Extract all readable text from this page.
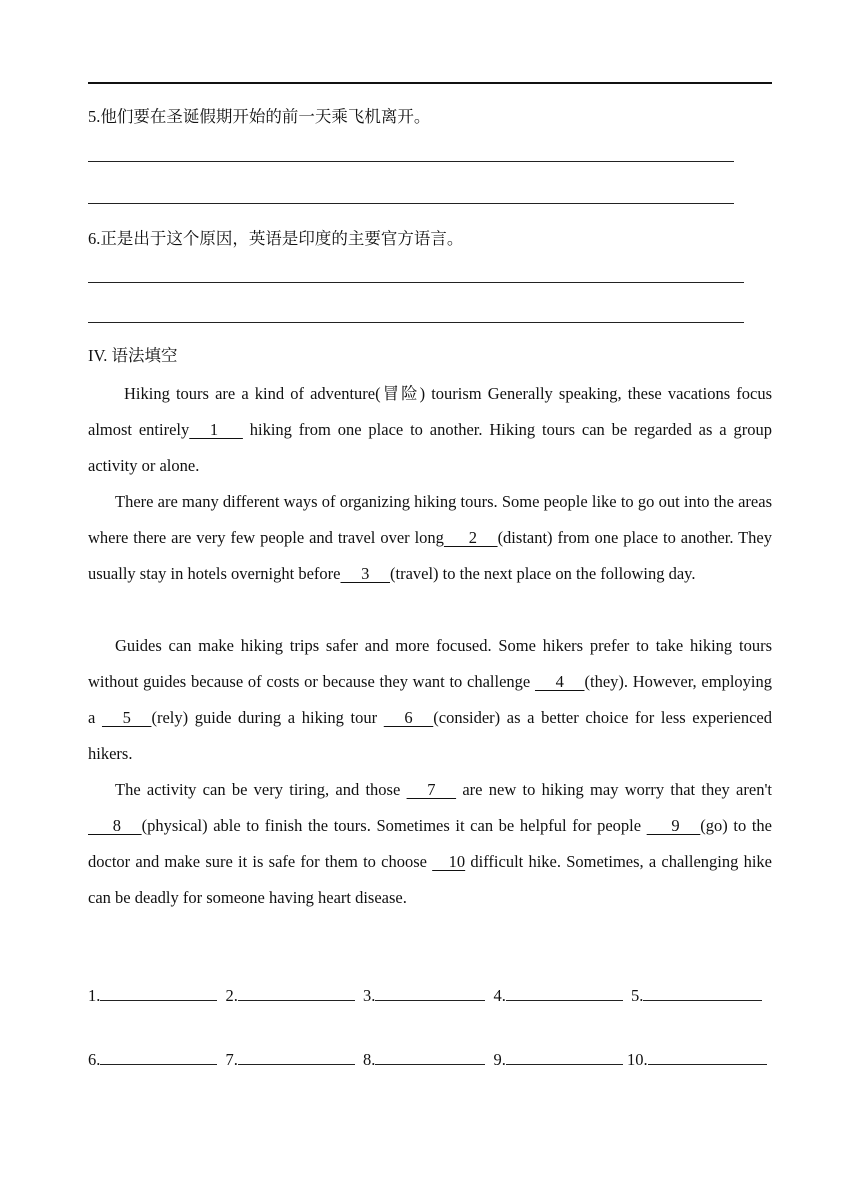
5.他们要在圣诞假期开始的前一天乘飞机离开。
6.正是出于这个原因，英语是印度的主要官方语言。
IV. 语法填空

Hiking tours are a kind of adventure(冒险) tourism Generally speaking, these vacations focus almost entirely     1       hiking from one place to another. Hiking tours can be regarded as a group activity or alone.

There are many different ways of organizing hiking tours. Some people like to go out into the areas where there are very few people and travel over long      2     (distant) from one place to another. They usually stay in hotels overnight before     3     (travel) to the next place on the following day.

Guides can make hiking trips safer and more focused. Some hikers prefer to take hiking tours without guides because of costs or because they want to challenge      4     (they). However, employing a      5     (rely) guide during a hiking tour      6     (consider) as a better choice for less experienced hikers.

The activity can be very tiring, and those      7      are new to hiking may worry that they aren't       8     (physical) able to finish the tours. Sometimes it can be helpful for people       9     (go) to the doctor and make sure it is safe for them to choose     10 difficult hike. Sometimes, a challenging hike can be deadly for someone having heart disease.

1.	2.	3.	4.	5.
6.	7.	8.	9.	10.
